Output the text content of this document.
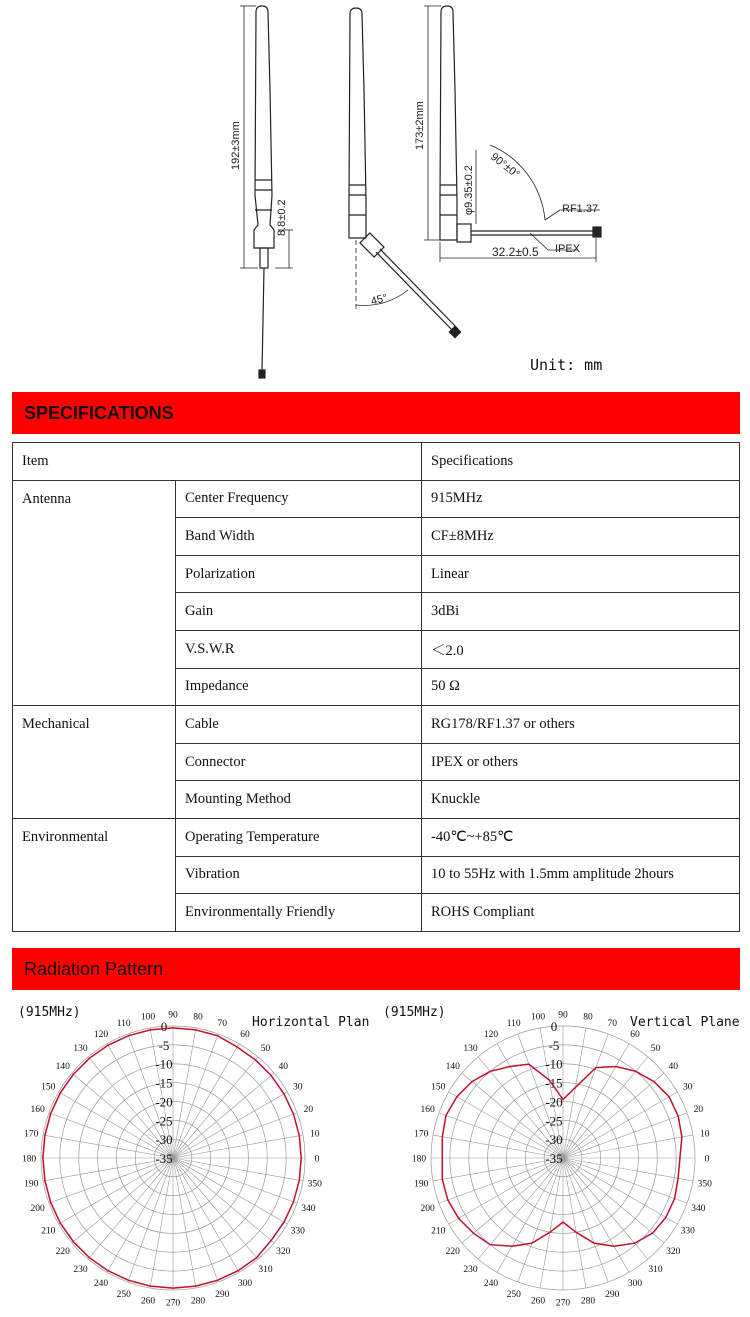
192±3mm
8.8±0.2
45°
173±2mm
φ9.35±0.2 90°±0°
RF1.37
IPEX
32.2±0.5
Unit: mm
SPECIFICATIONS
Item		Specifications
Antenna	Center Frequency	915MHz
	Band Width	CF±8MHz
	Polarization	Linear
	Gain	3dBi
	V.S.W.R	＜2.0
	Impedance	50 Ω
Mechanical	Cable	RG178/RF1.37 or others
	Connector	IPEX or others
	Mounting Method	Knuckle
Environmental	Operating Temperature	-40℃~+85℃
	Vibration	10 to 55Hz with 1.5mm amplitude 2hours
	Environmentally Friendly	ROHS Compliant
Radiation Pattern
0
10
20
30
40
50
60
70
80
90
100
110
120
130
140
150
160
170
180
190
200
210
220
230
240
250
260 270 280
290
300
310
320
330
340
350
0
-5
-10
-15
-20
-25
-30
-35
(915MHz)
Horizontal Plan
0
10
20
30
40
50
60
70
80
90
100
110
120
130
140
150
160
170
180
190
200
210
220
230
240
250
260 270 280
290
300
310
320
330
340
350
0
-5
-10
-15
-20
-25
-30
-35
(915MHz)
Vertical Plane
